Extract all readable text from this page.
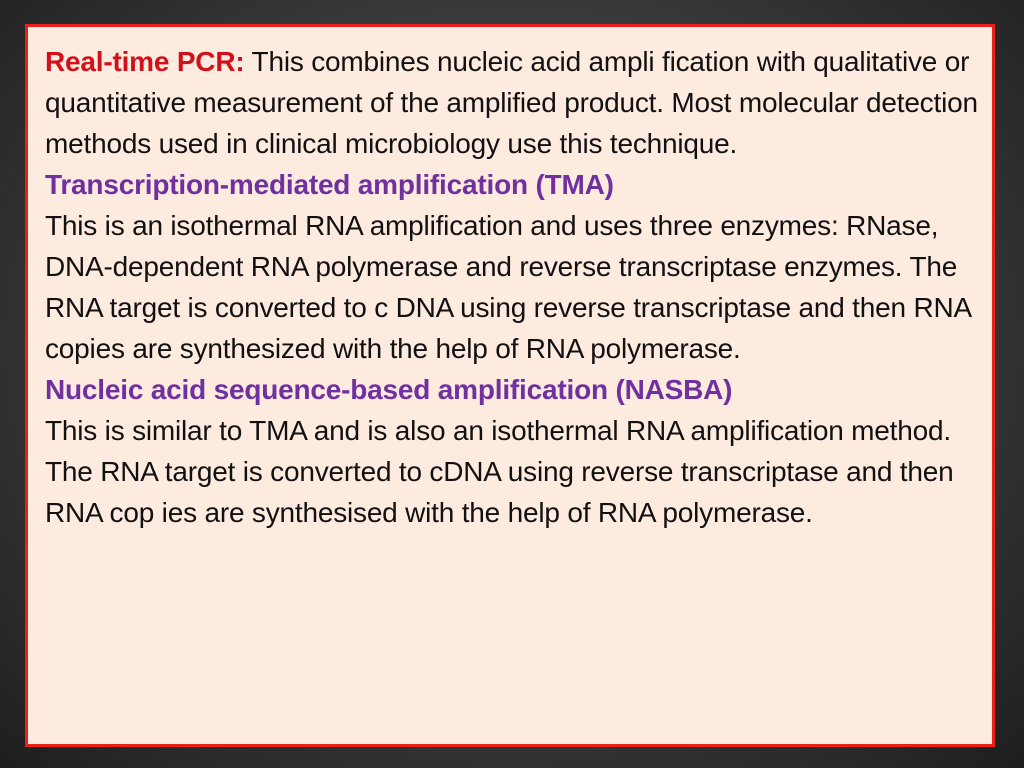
Real-time PCR: This combines nucleic acid ampli fication with qualitative or quantitative measurement of the amplified product. Most molecular detection methods used in clinical microbiology use this technique.

Transcription-mediated amplification (TMA)
This is an isothermal RNA amplification and uses three enzymes: RNase, DNA-dependent RNA polymerase and reverse transcriptase enzymes. The RNA target is converted to c DNA using reverse transcriptase and then RNA copies are synthesized with the help of RNA polymerase.

Nucleic acid sequence-based amplification (NASBA)
This is similar to TMA and is also an isothermal RNA amplification method. The RNA target is converted to cDNA using reverse transcriptase and then RNA cop ies are synthesised with the help of RNA polymerase.
